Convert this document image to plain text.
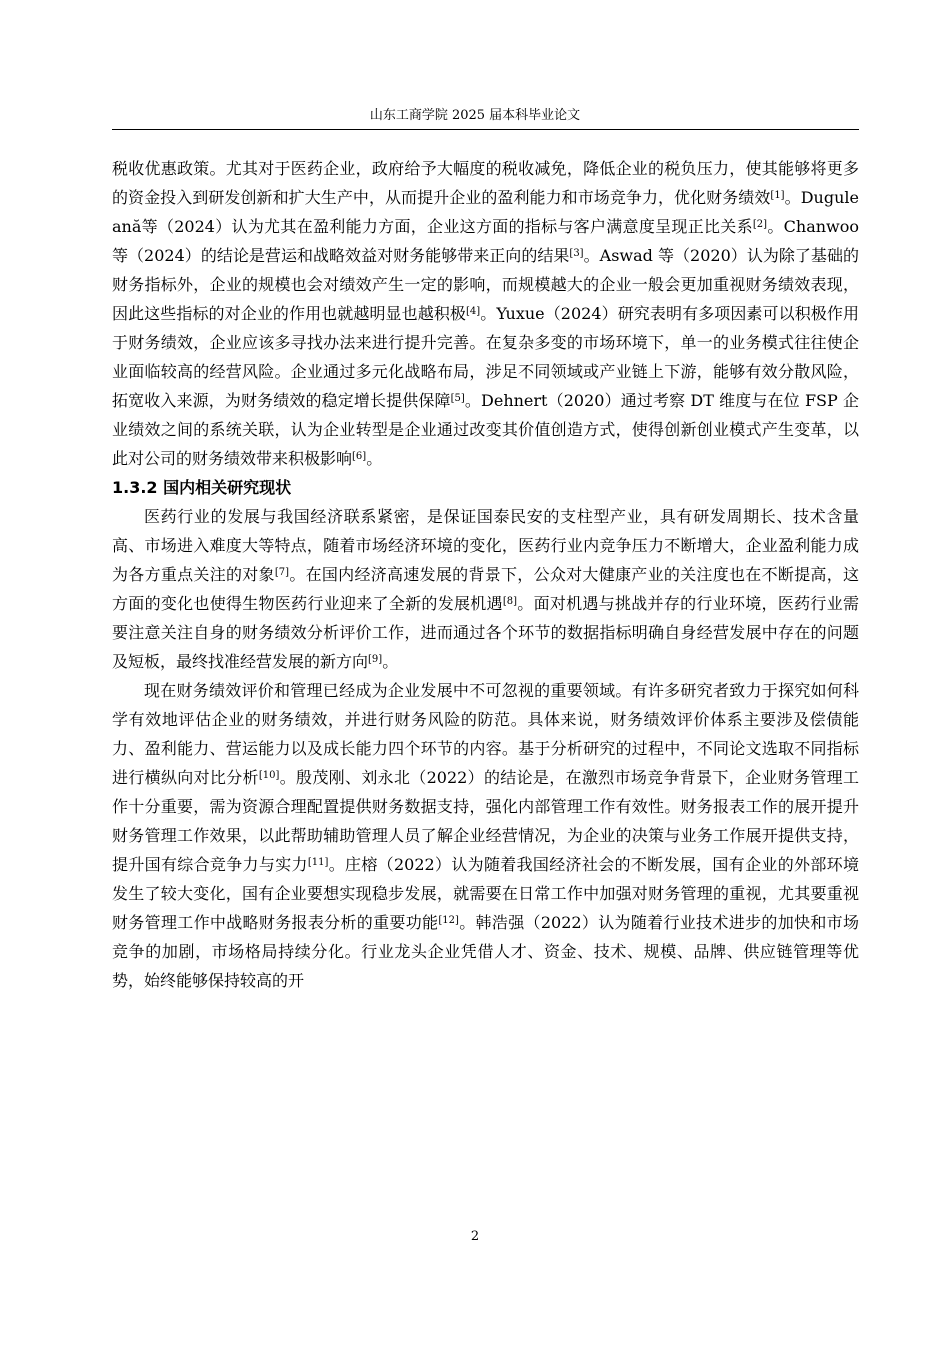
山东工商学院 2025 届本科毕业论文

税收优惠政策。尤其对于医药企业，政府给予大幅度的税收减免，降低企业的税负压力，使其能够将更多的资金投入到研发创新和扩大生产中，从而提升企业的盈利能力和市场竞争力，优化财务绩效[1]。Duguleană等（2024）认为尤其在盈利能力方面，企业这方面的指标与客户满意度呈现正比关系[2]。Chanwoo 等（2024）的结论是营运和战略效益对财务能够带来正向的结果[3]。Aswad 等（2020）认为除了基础的财务指标外，企业的规模也会对绩效产生一定的影响，而规模越大的企业一般会更加重视财务绩效表现，因此这些指标的对企业的作用也就越明显也越积极[4]。Yuxue（2024）研究表明有多项因素可以积极作用于财务绩效，企业应该多寻找办法来进行提升完善。在复杂多变的市场环境下，单一的业务模式往往使企业面临较高的经营风险。企业通过多元化战略布局，涉足不同领域或产业链上下游，能够有效分散风险，拓宽收入来源，为财务绩效的稳定增长提供保障[5]。Dehnert（2020）通过考察 DT 维度与在位 FSP 企业绩效之间的系统关联，认为企业转型是企业通过改变其价值创造方式，使得创新创业模式产生变革，以此对公司的财务绩效带来积极影响[6]。

1.3.2 国内相关研究现状

医药行业的发展与我国经济联系紧密，是保证国泰民安的支柱型产业，具有研发周期长、技术含量高、市场进入难度大等特点，随着市场经济环境的变化，医药行业内竞争压力不断增大，企业盈利能力成为各方重点关注的对象[7]。在国内经济高速发展的背景下，公众对大健康产业的关注度也在不断提高，这方面的变化也使得生物医药行业迎来了全新的发展机遇[8]。面对机遇与挑战并存的行业环境，医药行业需要注意关注自身的财务绩效分析评价工作，进而通过各个环节的数据指标明确自身经营发展中存在的问题及短板，最终找准经营发展的新方向[9]。

现在财务绩效评价和管理已经成为企业发展中不可忽视的重要领域。有许多研究者致力于探究如何科学有效地评估企业的财务绩效，并进行财务风险的防范。具体来说，财务绩效评价体系主要涉及偿债能力、盈利能力、营运能力以及成长能力四个环节的内容。基于分析研究的过程中，不同论文选取不同指标进行横纵向对比分析[10]。殷茂刚、刘永北（2022）的结论是，在激烈市场竞争背景下，企业财务管理工作十分重要，需为资源合理配置提供财务数据支持，强化内部管理工作有效性。财务报表工作的展开提升财务管理工作效果，以此帮助辅助管理人员了解企业经营情况，为企业的决策与业务工作展开提供支持，提升国有综合竞争力与实力[11]。庄榕（2022）认为随着我国经济社会的不断发展，国有企业的外部环境发生了较大变化，国有企业要想实现稳步发展，就需要在日常工作中加强对财务管理的重视，尤其要重视财务管理工作中战略财务报表分析的重要功能[12]。韩浩强（2022）认为随着行业技术进步的加快和市场竞争的加剧，市场格局持续分化。行业龙头企业凭借人才、资金、技术、规模、品牌、供应链管理等优势，始终能够保持较高的开

2
